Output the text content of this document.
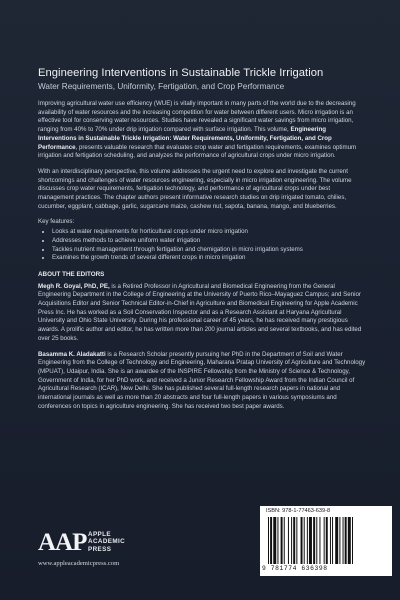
Engineering Interventions in Sustainable Trickle Irrigation
Water Requirements, Uniformity, Fertigation, and Crop Performance

Improving agricultural water use efficiency (WUE) is vitally important in many parts of the world due to the decreasing availability of water resources and the increasing competition for water between different users. Micro irrigation is an effective tool for conserving water resources. Studies have revealed a significant water savings from micro irrigation, ranging from 40% to 70% under drip irrigation compared with surface irrigation. This volume, Engineering Interventions in Sustainable Trickle Irrigation: Water Requirements, Uniformity, Fertigation, and Crop Performance, presents valuable research that evaluates crop water and fertigation requirements, examines optimum irrigation and fertigation scheduling, and analyzes the performance of agricultural crops under micro irrigation.

With an interdisciplinary perspective, this volume addresses the urgent need to explore and investigate the current shortcomings and challenges of water resources engineering, especially in micro irrigation engineering. The volume discusses crop water requirements, fertigation technology, and performance of agricultural crops under best management practices. The chapter authors present informative research studies on drip irrigated tomato, chilies, cucumber, eggplant, cabbage, garlic, sugarcane maize, cashew nut, sapota, banana, mango, and blueberries.

Key features:
• Looks at water requirements for horticultural crops under micro irrigation
• Addresses methods to achieve uniform water irrigation
• Tackles nutrient management through fertigation and chemigation in micro irrigation systems
• Examines the growth trends of several different crops in micro irrigation
ABOUT THE EDITORS

Megh R. Goyal, PhD, PE, is a Retired Professor in Agricultural and Biomedical Engineering from the General Engineering Department in the College of Engineering at the University of Puerto Rico–Mayaguez Campus; and Senior Acquisitions Editor and Senior Technical Editor-in-Chief in Agriculture and Biomedical Engineering for Apple Academic Press Inc. He has worked as a Soil Conservation Inspector and as a Research Assistant at Haryana Agricultural University and Ohio State University. During his professional career of 45 years, he has received many prestigious awards. A prolific author and editor, he has written more than 200 journal articles and several textbooks, and has edited over 25 books.

Basamma K. Aladakatti is a Research Scholar presently pursuing her PhD in the Department of Soil and Water Engineering from the College of Technology and Engineering, Maharana Pratap University of Agriculture and Technology (MPUAT), Udaipur, India. She is an awardee of the INSPIRE Fellowship from the Ministry of Science & Technology, Government of India, for her PhD work, and received a Junior Research Fellowship Award from the Indian Council of Agricultural Research (ICAR), New Delhi. She has published several full-length research papers in national and international journals as well as more than 20 abstracts and four full-length papers in various symposiums and conferences on topics in agriculture engineering. She has received two best paper awards.

AAP APPLE
ACADEMIC
PRESS
www.appleacademicpress.com
ISBN: 978-1-77463-639-8
9 781774 636398
